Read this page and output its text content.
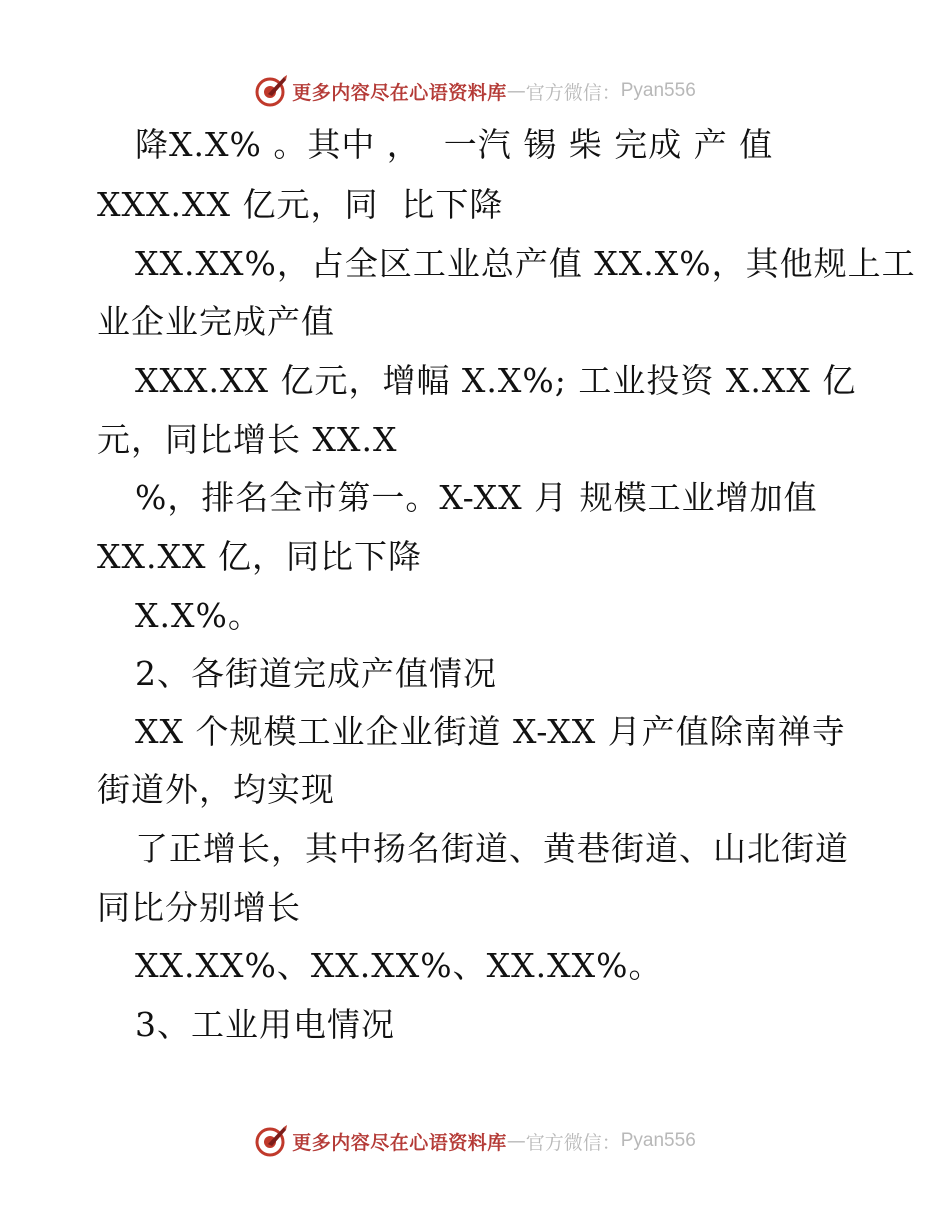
更多内容尽在心语资料库 — 官方微信： Pyan556
降X.X% 。其中 ，  一汽 锡 柴 完成 产 值
XXX.XX 亿元，同  比下降
XX.XX%，占全区工业总产值 XX.X%，其他规上工
业企业完成产值
XXX.XX 亿元，增幅 X.X%; 工业投资 X.XX 亿
元，同比增长 XX.X
%，排名全市第一。X-XX 月 规模工业增加值
XX.XX 亿，同比下降
X.X%。
2、各街道完成产值情况
XX 个规模工业企业街道 X-XX 月产值除南禅寺
街道外，均实现
了正增长，其中扬名街道、黄巷街道、山北街道
同比分别增长
XX.XX%、XX.XX%、XX.XX%。
3、工业用电情况
更多内容尽在心语资料库 — 官方微信： Pyan556
